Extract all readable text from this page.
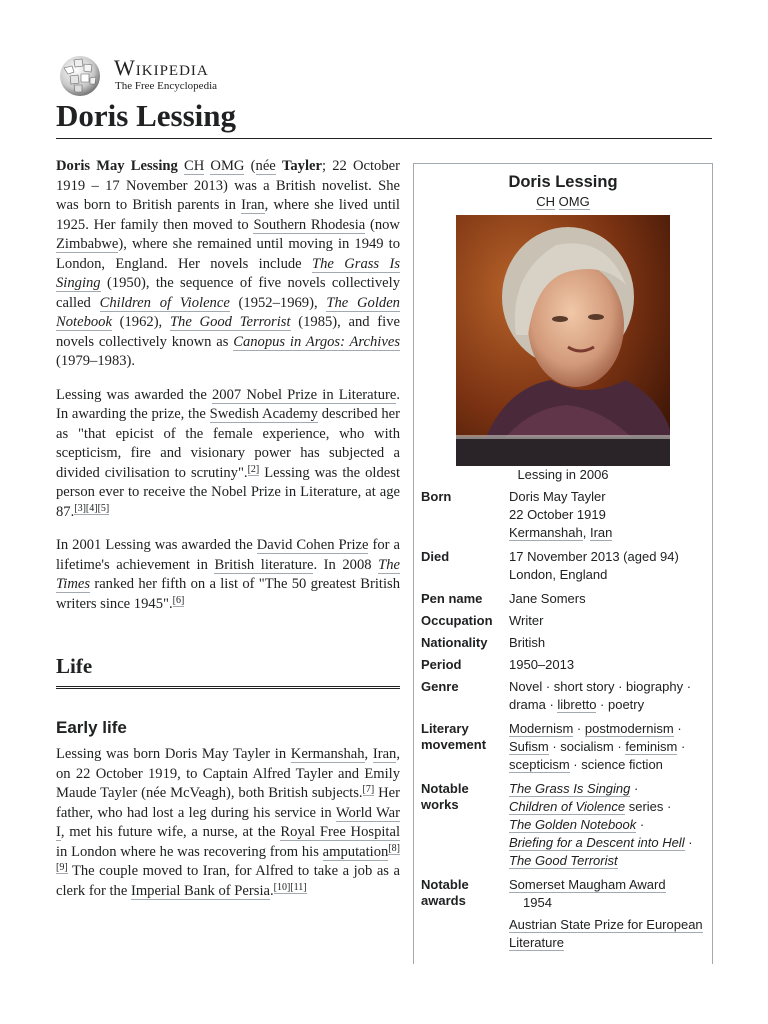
Wikipedia
The Free Encyclopedia
Doris Lessing

Doris May Lessing CH OMG (née Tayler; 22 October 1919 – 17 November 2013) was a British novelist. She was born to British parents in Iran, where she lived until 1925. Her family then moved to Southern Rhodesia (now Zimbabwe), where she remained until moving in 1949 to London, England. Her novels include The Grass Is Singing (1950), the sequence of five novels collectively called Children of Violence (1952–1969), The Golden Notebook (1962), The Good Terrorist (1985), and five novels collectively known as Canopus in Argos: Archives (1979–1983).

Lessing was awarded the 2007 Nobel Prize in Literature. In awarding the prize, the Swedish Academy described her as "that epicist of the female experience, who with scepticism, fire and visionary power has subjected a divided civilisation to scrutiny".[2] Lessing was the oldest person ever to receive the Nobel Prize in Literature, at age 87.[3][4][5]

In 2001 Lessing was awarded the David Cohen Prize for a lifetime's achievement in British literature. In 2008 The Times ranked her fifth on a list of "The 50 greatest British writers since 1945".[6]

Life
Early life

Lessing was born Doris May Tayler in Kermanshah, Iran, on 22 October 1919, to Captain Alfred Tayler and Emily Maude Tayler (née McVeagh), both British subjects.[7] Her father, who had lost a leg during his service in World War I, met his future wife, a nurse, at the Royal Free Hospital in London where he was recovering from his amputation[8][9] The couple moved to Iran, for Alfred to take a job as a clerk for the Imperial Bank of Persia.[10][11]

Doris Lessing
CH OMG
Lessing in 2006
Born	Doris May Tayler
22 October 1919
Kermanshah, Iran
Died	17 November 2013 (aged 94)
London, England
Pen name	Jane Somers
Occupation	Writer
Nationality	British
Period	1950–2013
Genre	Novel · short story · biography · drama · libretto · poetry
Literary movement
Modernism · postmodernism · Sufism · socialism · feminism · scepticism · science fiction
Notable works
The Grass Is Singing ·
Children of Violence series ·
The Golden Notebook ·
Briefing for a Descent into Hell ·
The Good Terrorist
Notable awards
Somerset Maugham Award
1954
Austrian State Prize for European Literature
